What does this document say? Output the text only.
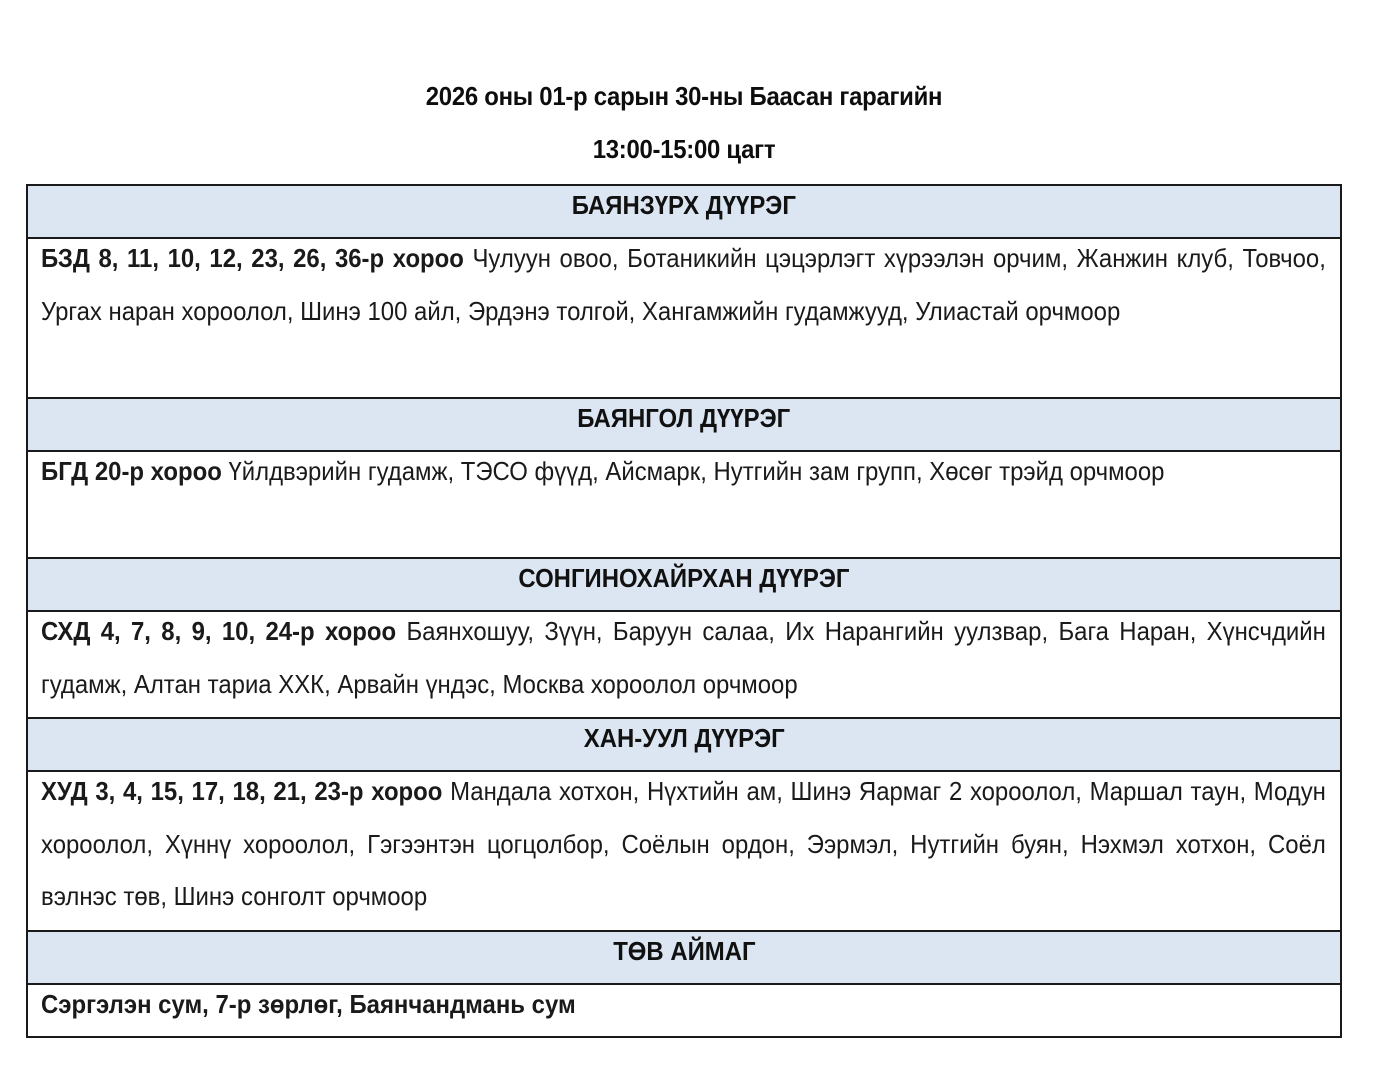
2026 оны 01-р сарын 30-ны Баасан гарагийн
13:00-15:00 цагт
БАЯНЗҮРХ ДҮҮРЭГ

БЗД 8, 11, 10, 12, 23, 26, 36-р хороо Чулуун овоо, Ботаникийн цэцэрлэгт хүрээлэн орчим, Жанжин клуб, Товчоо, Ургах наран хороолол, Шинэ 100 айл, Эрдэнэ толгой, Хангамжийн гудамжууд, Улиастай орчмоор

БАЯНГОЛ ДҮҮРЭГ

БГД 20-р хороо Үйлдвэрийн гудамж, ТЭСО фүүд, Айсмарк, Нутгийн зам групп, Хөсөг трэйд орчмоор

СОНГИНОХАЙРХАН ДҮҮРЭГ

СХД 4, 7, 8, 9, 10, 24-р хороо Баянхошуу, Зүүн, Баруун салаа, Их Нарангийн уулзвар, Бага Наран, Хүнсчдийн гудамж, Алтан тариа ХХК, Арвайн үндэс, Москва хороолол орчмоор

ХАН-УУЛ ДҮҮРЭГ

ХУД 3, 4, 15, 17, 18, 21, 23-р хороо Мандала хотхон, Нүхтийн ам, Шинэ Яармаг 2 хороолол, Маршал таун, Модун хороолол, Хүннү хороолол, Гэгээнтэн цогцолбор, Соёлын ордон, Ээрмэл, Нутгийн буян, Нэхмэл хотхон, Соёл вэлнэс төв, Шинэ сонголт орчмоор

ТӨВ АЙМАГ

Сэргэлэн сум, 7-р зөрлөг, Баянчандмань сум
